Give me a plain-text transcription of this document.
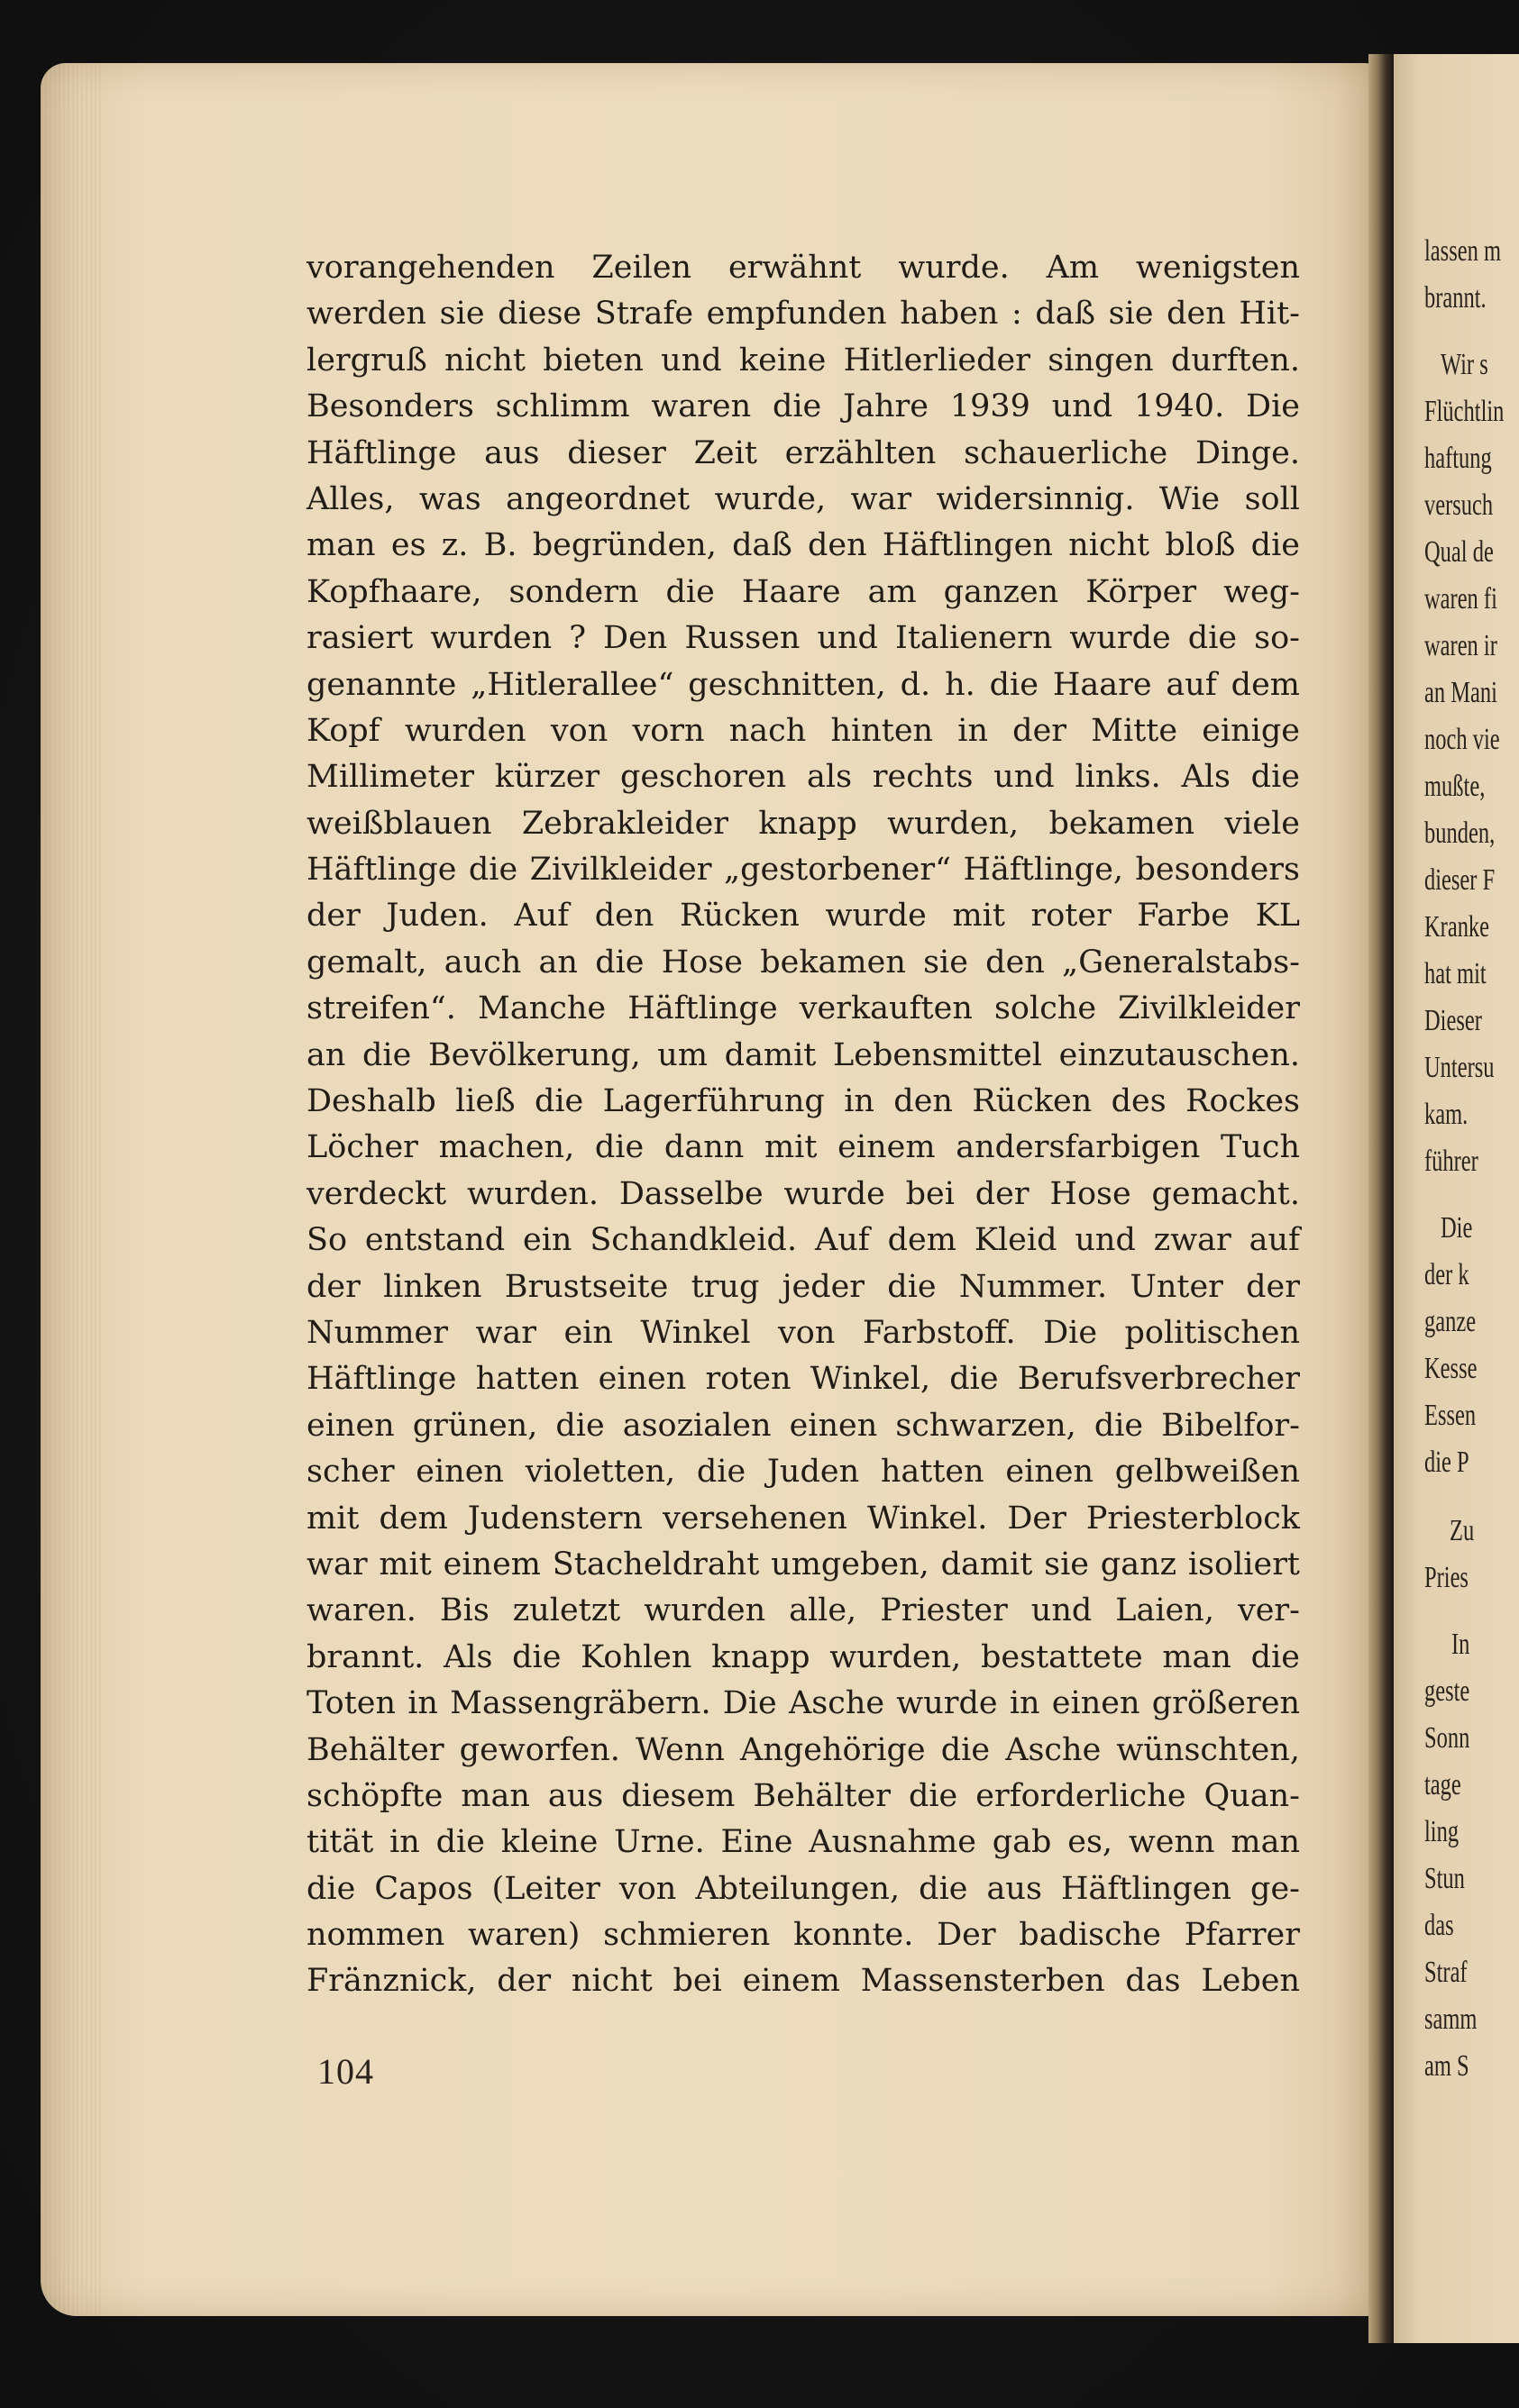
lassen m
brannt.
Wir s
Flüchtlin
haftung
versuch
Qual de
waren fi
waren ir
an Mani
noch vie
mußte,
bunden,
dieser F
Kranke
hat mit
Dieser
Untersu
kam.
führer
Die
der k
ganze
Kesse
Essen
die P
Zu
Pries
In
geste
Sonn
tage
ling
Stun
das
Straf
samm
am S
vorangehenden Zeilen erwähnt wurde. Am wenigsten
werden sie diese Strafe empfunden haben : daß sie den Hit-
lergruß nicht bieten und keine Hitlerlieder singen durften.
Besonders schlimm waren die Jahre 1939 und 1940. Die
Häftlinge aus dieser Zeit erzählten schauerliche Dinge.
Alles, was angeordnet wurde, war widersinnig. Wie soll
man es z. B. begründen, daß den Häftlingen nicht bloß die
Kopfhaare, sondern die Haare am ganzen Körper weg-
rasiert wurden ? Den Russen und Italienern wurde die so-
genannte „Hitlerallee“ geschnitten, d. h. die Haare auf dem
Kopf wurden von vorn nach hinten in der Mitte einige
Millimeter kürzer geschoren als rechts und links. Als die
weißblauen Zebrakleider knapp wurden, bekamen viele
Häftlinge die Zivilkleider „gestorbener“ Häftlinge, besonders
der Juden. Auf den Rücken wurde mit roter Farbe KL
gemalt, auch an die Hose bekamen sie den „Generalstabs-
streifen“. Manche Häftlinge verkauften solche Zivilkleider
an die Bevölkerung, um damit Lebensmittel einzutauschen.
Deshalb ließ die Lagerführung in den Rücken des Rockes
Löcher machen, die dann mit einem andersfarbigen Tuch
verdeckt wurden. Dasselbe wurde bei der Hose gemacht.
So entstand ein Schandkleid. Auf dem Kleid und zwar auf
der linken Brustseite trug jeder die Nummer. Unter der
Nummer war ein Winkel von Farbstoff. Die politischen
Häftlinge hatten einen roten Winkel, die Berufsverbrecher
einen grünen, die asozialen einen schwarzen, die Bibelfor-
scher einen violetten, die Juden hatten einen gelbweißen
mit dem Judenstern versehenen Winkel. Der Priesterblock
war mit einem Stacheldraht umgeben, damit sie ganz isoliert
waren. Bis zuletzt wurden alle, Priester und Laien, ver-
brannt. Als die Kohlen knapp wurden, bestattete man die
Toten in Massengräbern. Die Asche wurde in einen größeren
Behälter geworfen. Wenn Angehörige die Asche wünschten,
schöpfte man aus diesem Behälter die erforderliche Quan-
tität in die kleine Urne. Eine Ausnahme gab es, wenn man
die Capos (Leiter von Abteilungen, die aus Häftlingen ge-
nommen waren) schmieren konnte. Der badische Pfarrer
Fränznick, der nicht bei einem Massensterben das Leben
104
